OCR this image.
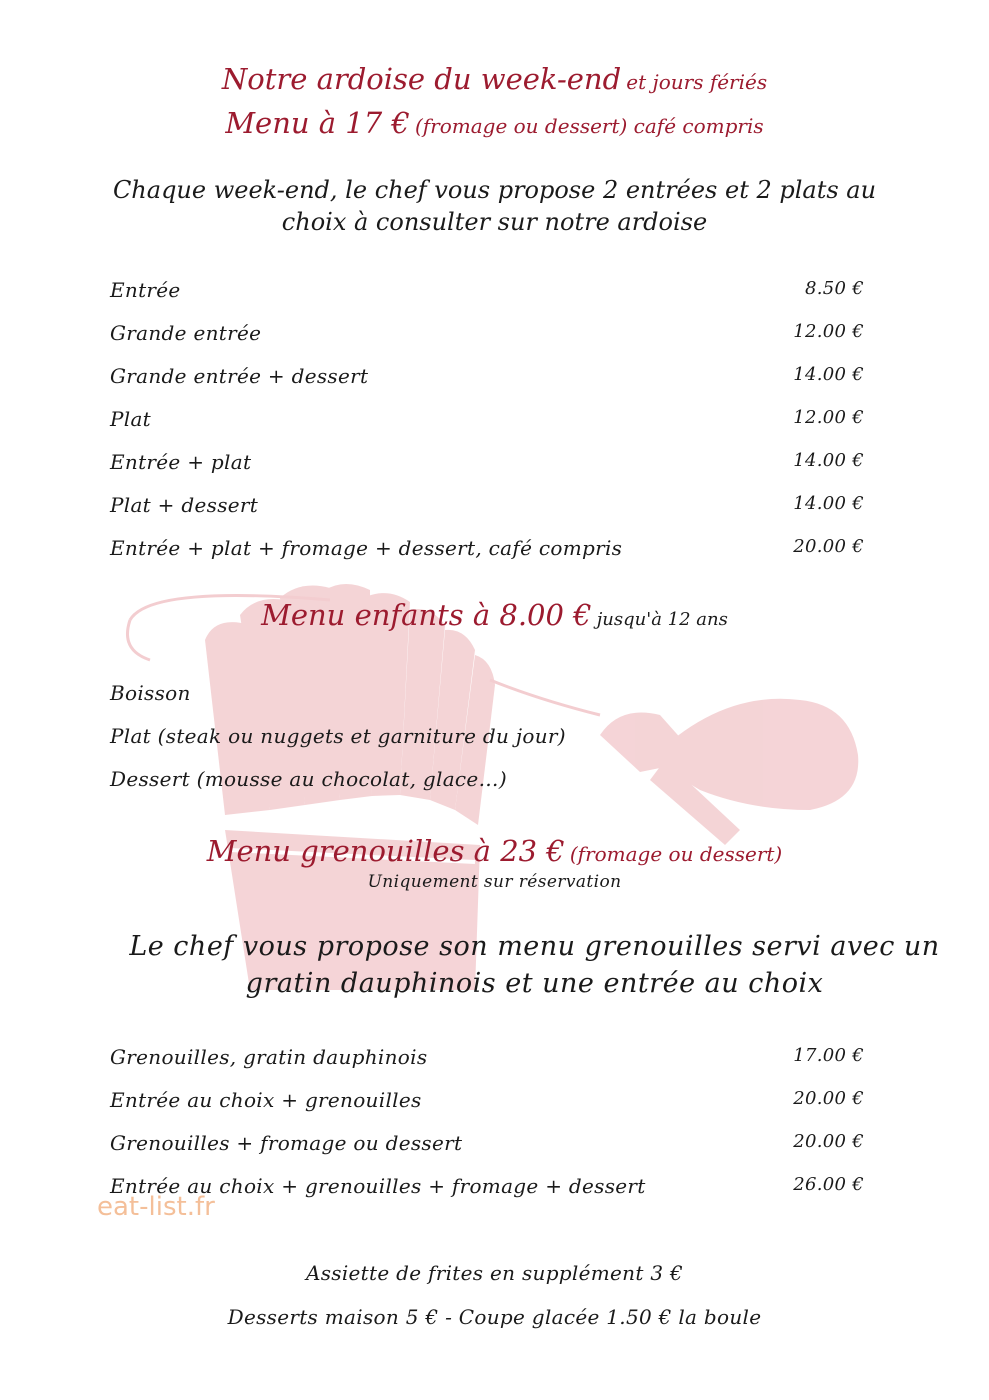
Notre ardoise du week-end et jours fériés
Menu à 17 € (fromage ou dessert) café compris
Chaque week-end, le chef vous propose 2 entrées et 2 plats au
choix à consulter sur notre ardoise
Entrée	8.50 €
Grande entrée	12.00 €
Grande entrée + dessert	14.00 €
Plat	12.00 €
Entrée + plat	14.00 €
Plat + dessert	14.00 €
Entrée + plat + fromage + dessert, café compris	20.00 €
Menu enfants à 8.00 € jusqu'à 12 ans
Boisson
Plat (steak ou nuggets et garniture du jour)
Dessert (mousse au chocolat, glace…)
Menu grenouilles à 23 € (fromage ou dessert)
Uniquement sur réservation
Le chef vous propose son menu grenouilles servi avec un
gratin dauphinois et une entrée au choix
Grenouilles, gratin dauphinois	17.00 €
Entrée au choix + grenouilles	20.00 €
Grenouilles + fromage ou dessert	20.00 €
Entrée au choix + grenouilles + fromage + dessert	26.00 €
eat-list.fr
Assiette de frites en supplément 3 €
Desserts maison 5 € - Coupe glacée 1.50 € la boule
